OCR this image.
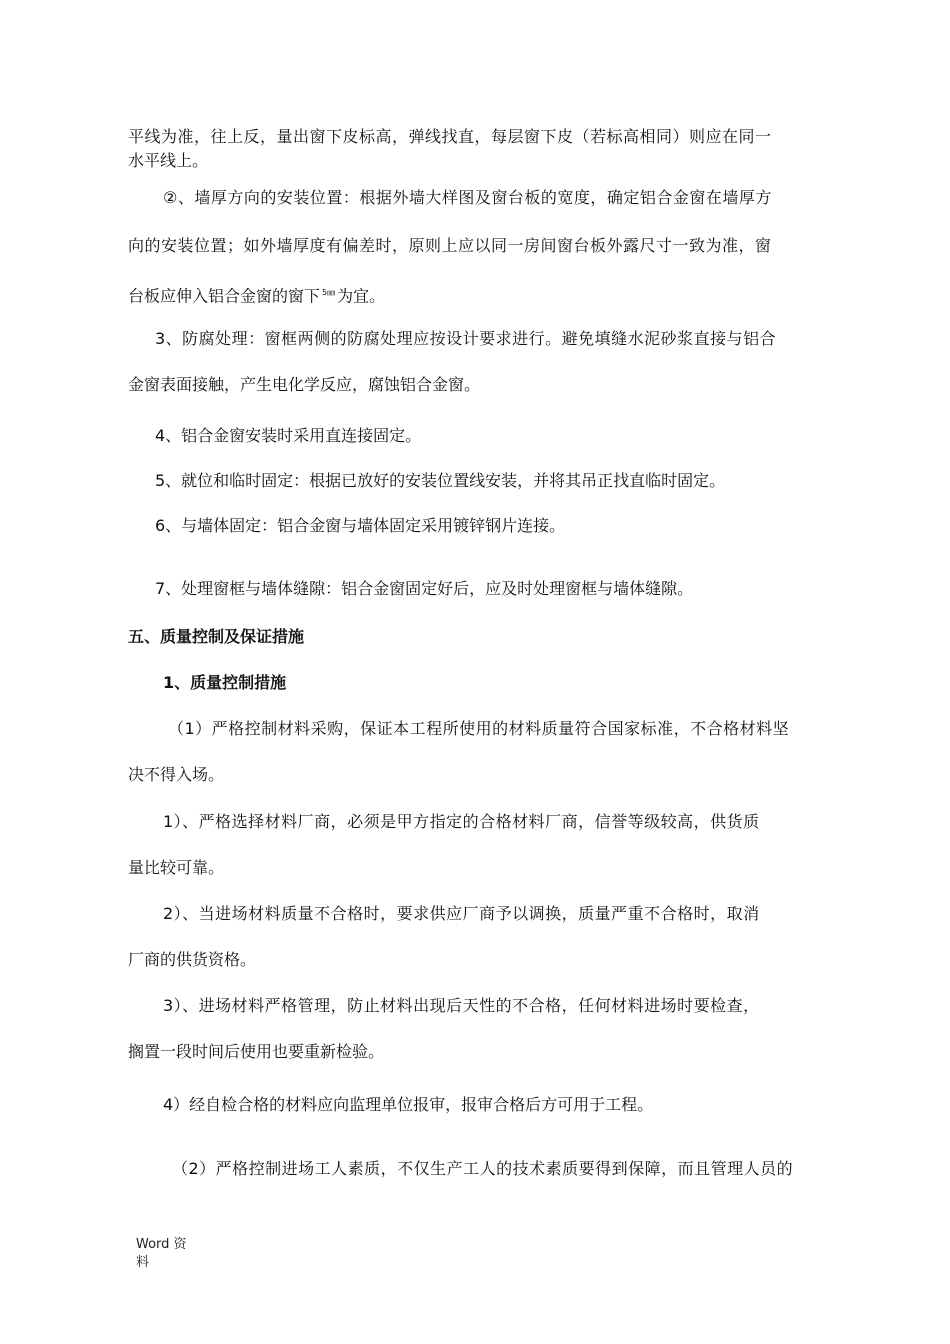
平线为准，往上反，量出窗下皮标高，弹线找直，每层窗下皮（若标高相同）则应在同一
水平线上。
②、墙厚方向的安装位置：根据外墙大样图及窗台板的宽度，确定铝合金窗在墙厚方
向的安装位置；如外墙厚度有偏差时，原则上应以同一房间窗台板外露尺寸一致为准，窗
台板应伸入铝合金窗的窗下 $^{5㎜}$ 为宜。
3、防腐处理：窗框两侧的防腐处理应按设计要求进行。避免填缝水泥砂浆直接与铝合
金窗表面接触，产生电化学反应，腐蚀铝合金窗。
4、铝合金窗安装时采用直连接固定。
5、就位和临时固定：根据已放好的安装位置线安装，并将其吊正找直临时固定。
6、与墙体固定：铝合金窗与墙体固定采用镀锌钢片连接。
7、处理窗框与墙体缝隙：铝合金窗固定好后，应及时处理窗框与墙体缝隙。
五、质量控制及保证措施
1、质量控制措施
（1）严格控制材料采购，保证本工程所使用的材料质量符合国家标准，不合格材料坚
决不得入场。
1）、严格选择材料厂商，必须是甲方指定的合格材料厂商，信誉等级较高，供货质
量比较可靠。
2）、当进场材料质量不合格时，要求供应厂商予以调换，质量严重不合格时，取消
厂商的供货资格。
3）、进场材料严格管理，防止材料出现后天性的不合格，任何材料进场时要检查，
搁置一段时间后使用也要重新检验。
4）经自检合格的材料应向监理单位报审，报审合格后方可用于工程。
（2）严格控制进场工人素质，不仅生产工人的技术素质要得到保障，而且管理人员的
Word 资料
